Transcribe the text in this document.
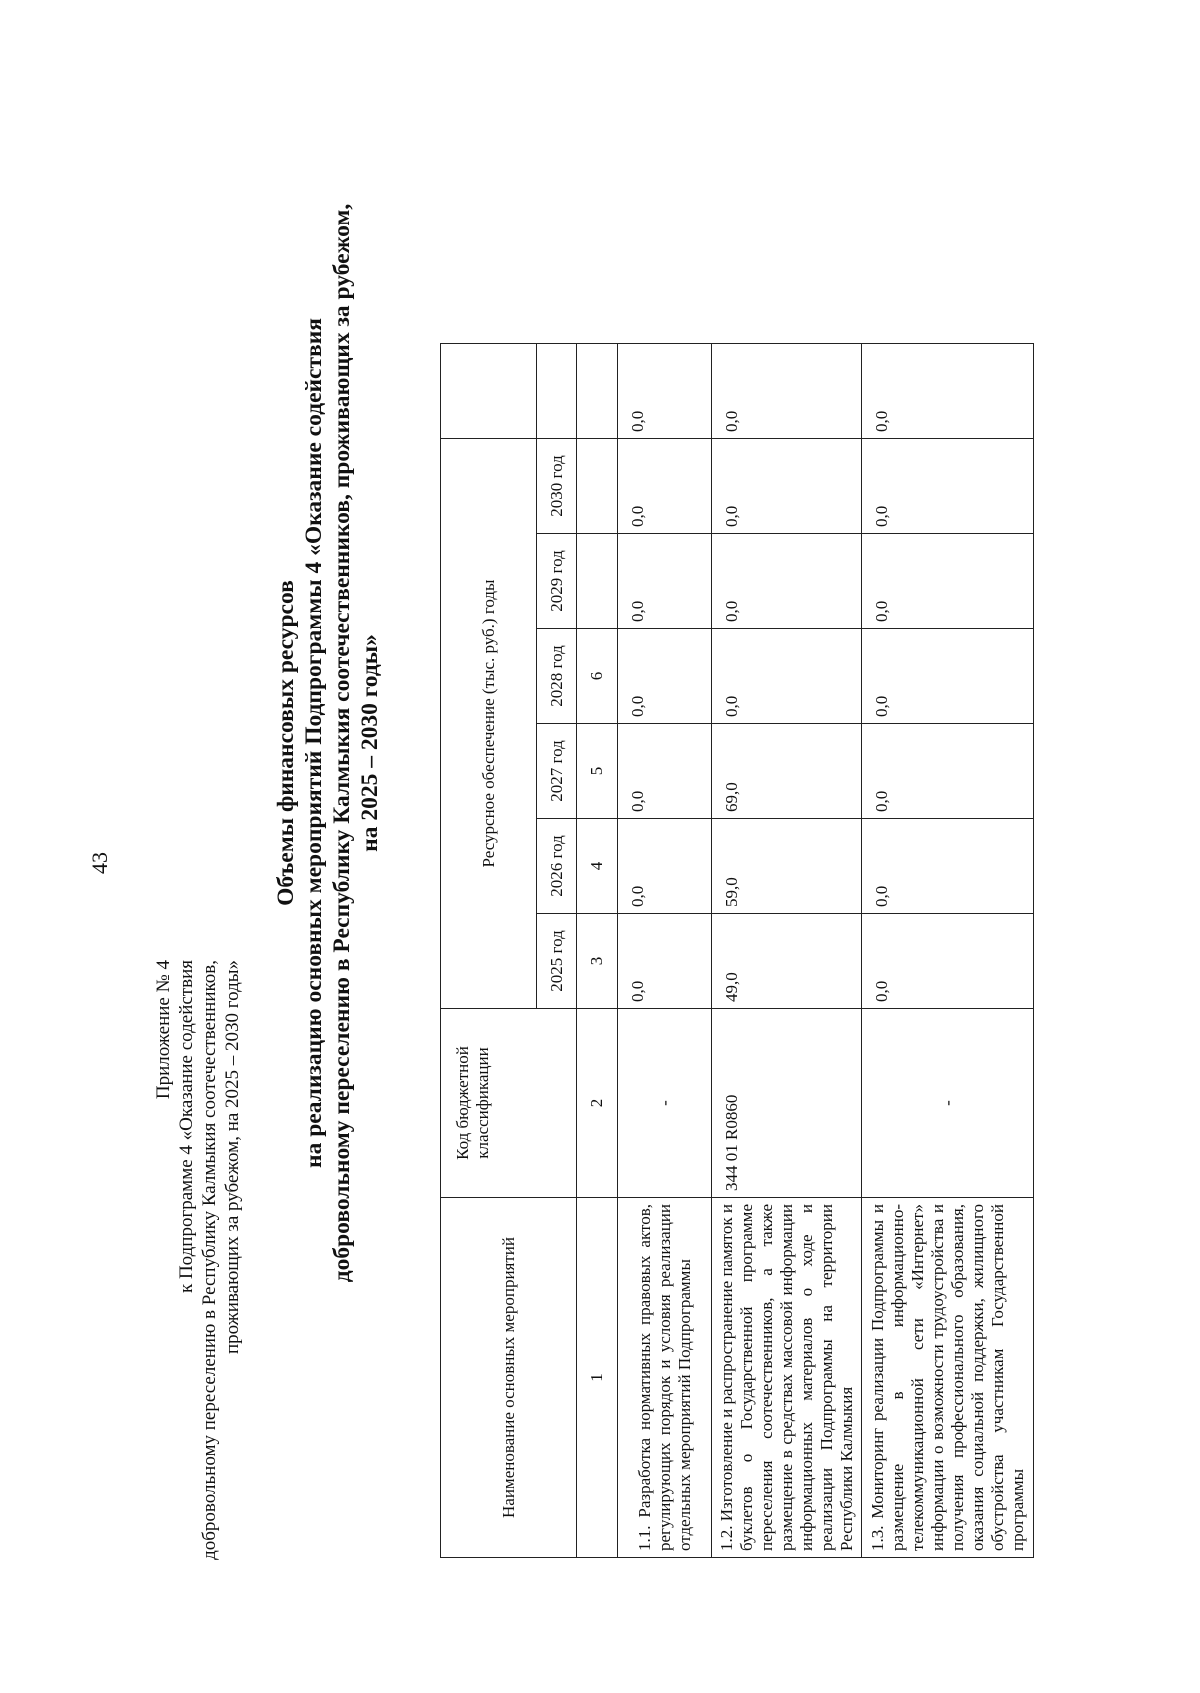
43
Приложение № 4 к Подпрограмме 4 «Оказание содействия добровольному переселению в Республику Калмыкия соотечественников, проживающих за рубежом, на 2025 – 2030 годы»
Объемы финансовых ресурсов на реализацию основных мероприятий Подпрограммы 4 «Оказание содействия добровольному переселению в Республику Калмыкия соотечественников, проживающих за рубежом, на 2025 – 2030 годы»
Наименование основных мероприятий	Код бюджетной классификации	Ресурсное обеспечение (тыс. руб.) годы						
		2025 год	2026 год	2027 год	2028 год	2029 год	2030 год	
1	2	3	4	5	6			
1.1. Разработка нормативных правовых актов, регулирующих порядок и условия реализации отдельных мероприятий Подпрограммы	-	0,0	0,0	0,0	0,0	0,0	0,0	0,0
1.2. Изготовление и распространение памяток и буклетов о Государственной программе переселения соотечественников, а также размещение в средствах массовой информации информационных материалов о ходе и реализации Подпрограммы на территории Республики Калмыкия	344 01 R0860	49,0	59,0	69,0	0,0	0,0	0,0	0,0
1.3. Мониторинг реализации Подпрограммы и размещение в информационно-телекоммуникационной сети «Интернет» информации о возможности трудоустройства и получения профессионального образования, оказания социальной поддержки, жилищного обустройства участникам Государственной программы	-	0,0	0,0	0,0	0,0	0,0	0,0	0,0
